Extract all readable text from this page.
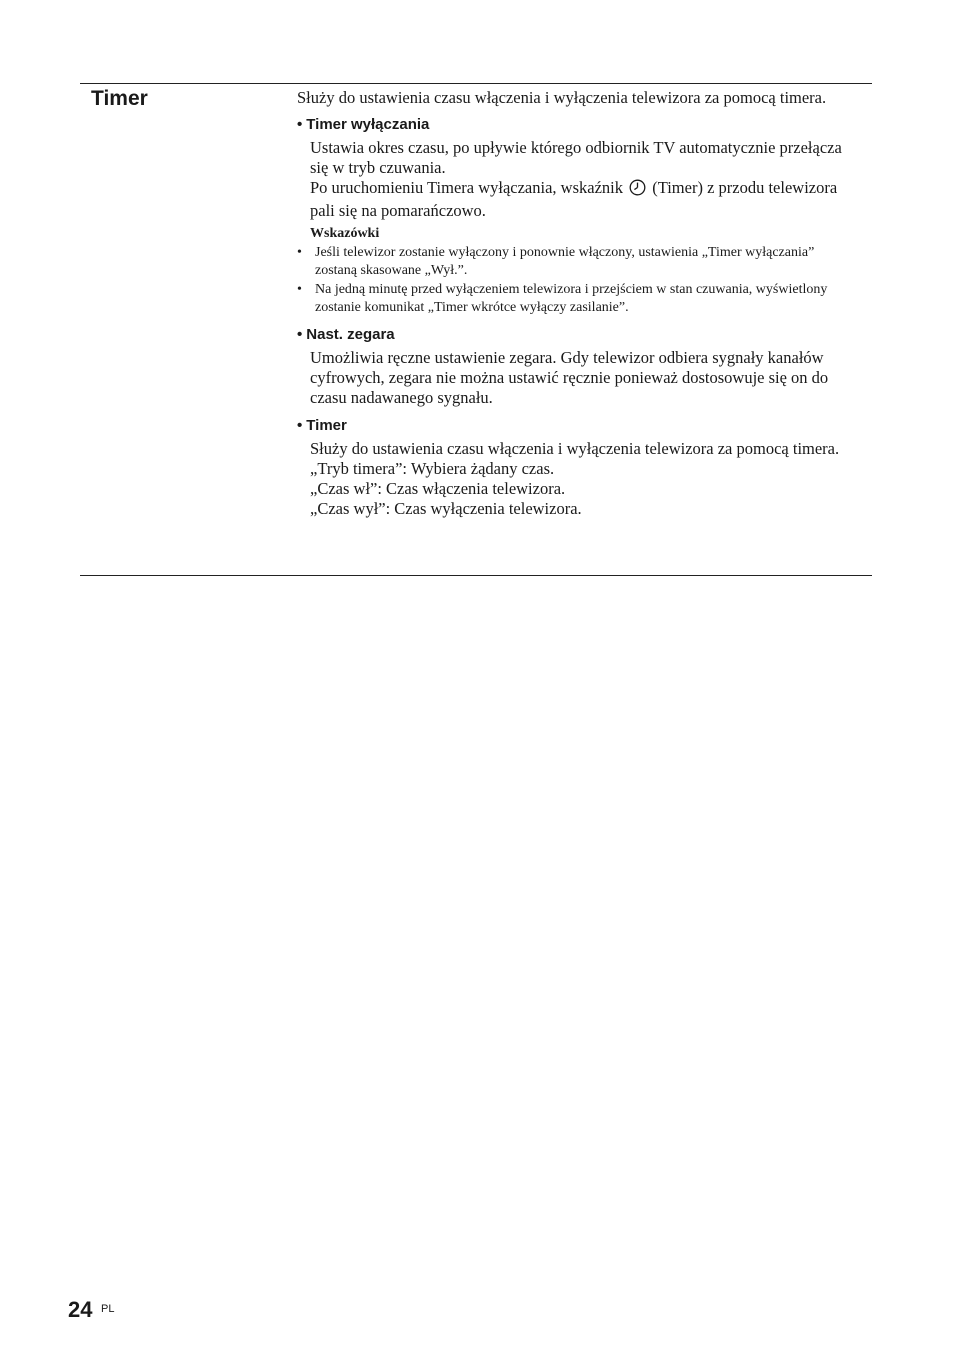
Timer	Służy do ustawienia czasu włączenia i wyłączenia telewizora za pomocą timera.

• Timer wyłączania

Ustawia okres czasu, po upływie którego odbiornik TV automatycznie przełącza się w tryb czuwania.

Po uruchomieniu Timera wyłączania, wskaźnik (Timer) z przodu telewizora pali się na pomarańczowo.

Wskazówki
• Jeśli telewizor zostanie wyłączony i ponownie włączony, ustawienia „Timer wyłączania” zostaną skasowane „Wył.”.
• Na jedną minutę przed wyłączeniem telewizora i przejściem w stan czuwania, wyświetlony zostanie komunikat „Timer wkrótce wyłączy zasilanie”.
• Nast. zegara

Umożliwia ręczne ustawienie zegara. Gdy telewizor odbiera sygnały kanałów cyfrowych, zegara nie można ustawić ręcznie ponieważ dostosowuje się on do czasu nadawanego sygnału.

• Timer

Służy do ustawienia czasu włączenia i wyłączenia telewizora za pomocą timera.

„Tryb timera”: Wybiera żądany czas.

„Czas wł”: Czas włączenia telewizora.

„Czas wył”: Czas wyłączenia telewizora.

24 PL
